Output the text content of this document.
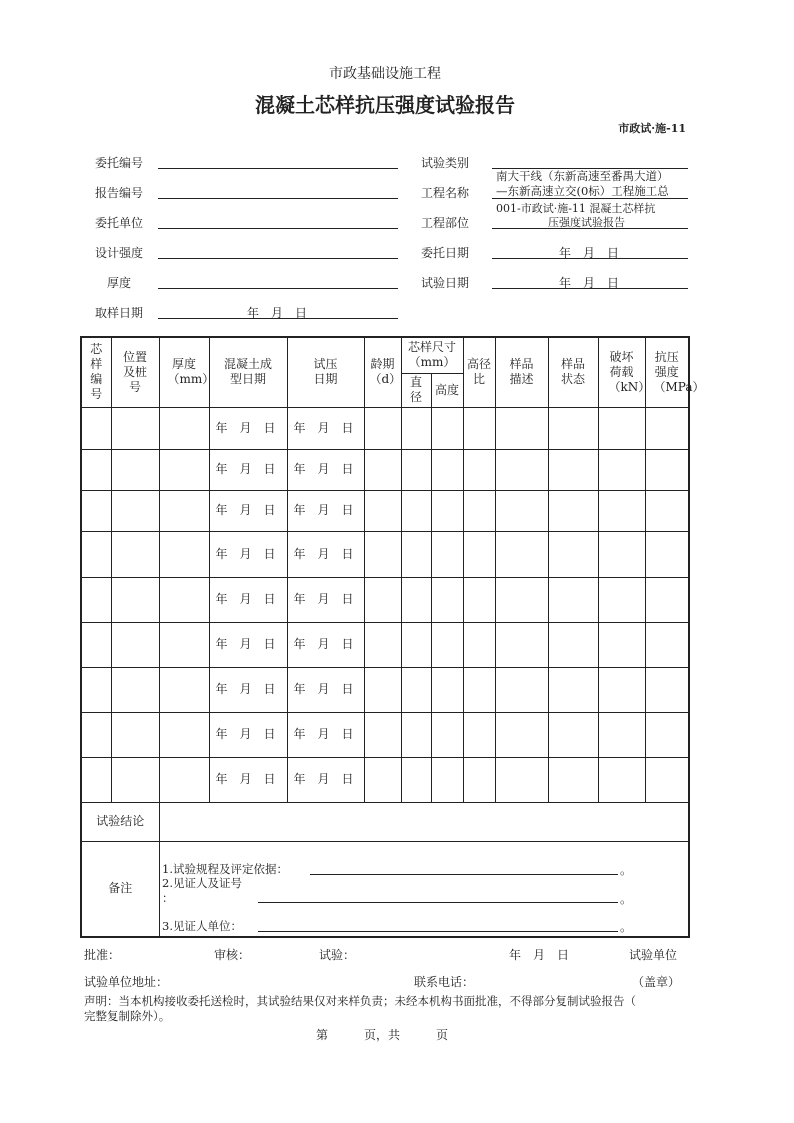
市政基础设施工程
混凝土芯样抗压强度试验报告
市政试·施-11
委托编号
报告编号
委托单位
设计强度
厚度
取样日期	年　月　日
试验类别
工程名称
南大干线（东新高速至番禺大道）
—东新高速立交(0标）工程施工总
工程部位
001-市政试·施-11 混凝土芯样抗
压强度试验报告
委托日期	年　月　日
试验日期	年　月　日
芯样编号	位置及桩号	厚度（mm）	混凝土成型日期	试压日期	龄期（d）	芯样尺寸（mm）		高径比	样品描述	样品状态	破坏荷载（kN）	抗压强度（MPa）
						直径	高度					
			年　月　日	年　月　日								
			年　月　日	年　月　日								
			年　月　日	年　月　日								
			年　月　日	年　月　日								
			年　月　日	年　月　日								
			年　月　日	年　月　日								
			年　月　日	年　月　日								
			年　月　日	年　月　日								
			年　月　日	年　月　日								
试验结论												
备注												
1.试验规程及评定依据：	。
2.见证人及证号
：	。
3.见证人单位：	。
批准：	审核：	试验：	年　月　日	试验单位
试验单位地址：	联系电话：	（盖章）
声明：当本机构接收委托送检时，其试验结果仅对来样负责；未经本机构书面批准，不得部分复制试验报告（
完整复制除外）。
第　　　页，共　　　页
